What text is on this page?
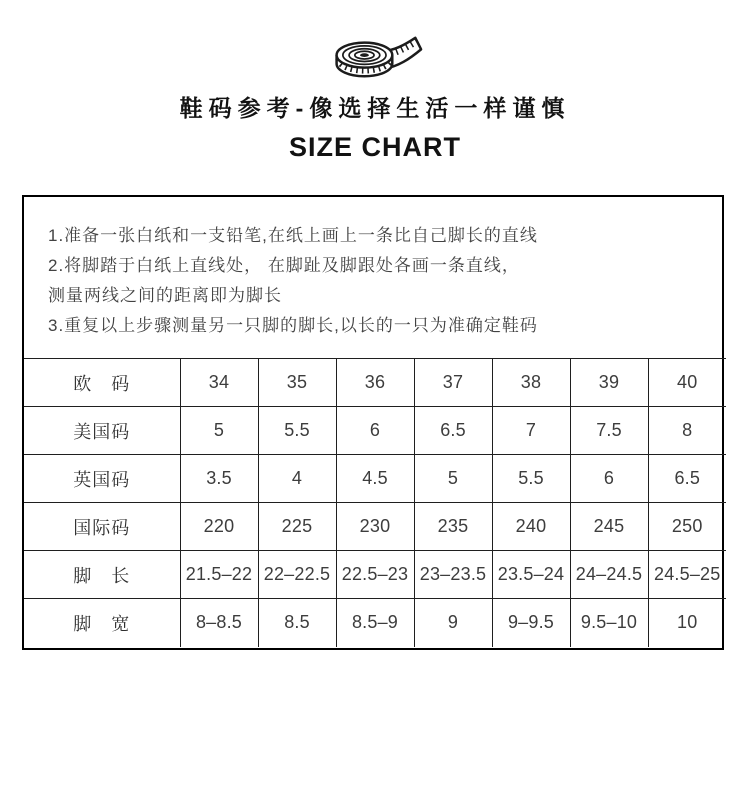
鞋码参考-像选择生活一样谨慎
SIZE CHART
1.准备一张白纸和一支铅笔,在纸上画上一条比自己脚长的直线
2.将脚踏于白纸上直线处， 在脚趾及脚跟处各画一条直线，
测量两线之间的距离即为脚长
3.重复以上步骤测量另一只脚的脚长,以长的一只为准确定鞋码
欧　码	34	35	36	37	38	39	40
美国码	5	5.5	6	6.5	7	7.5	8
英国码	3.5	4	4.5	5	5.5	6	6.5
国际码	220	225	230	235	240	245	250
脚　长	21.5–22	22–22.5	22.5–23	23–23.5	23.5–24	24–24.5	24.5–25
脚　宽	8–8.5	8.5	8.5–9	9	9–9.5	9.5–10	10
